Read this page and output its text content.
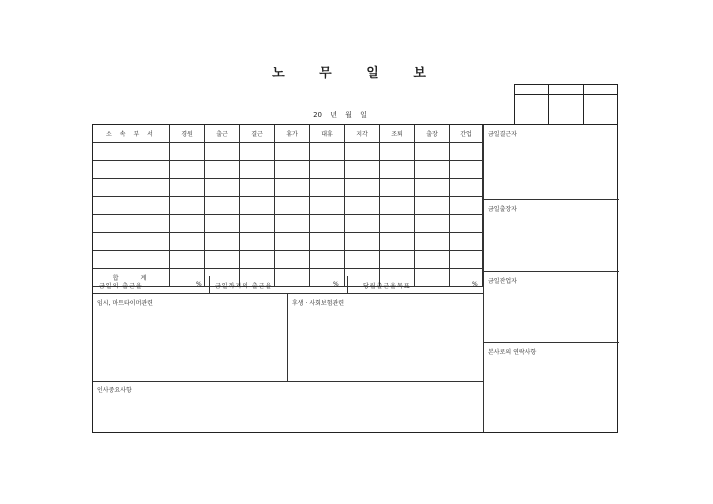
노 무 일 보

20 년 월 일
소 속 부 서	경원	출근	결근	휴가	대휴	지각	조퇴	출장	간업

합 계									
금일의 출근율	% 금일까지의 출근율	%	당월출근율목표	%
임시, 마트타이머관련	후생 · 사회보험관련
인사중요사항
금일결근자
금일출장자
금일잔업자
본사로의 연락사항
